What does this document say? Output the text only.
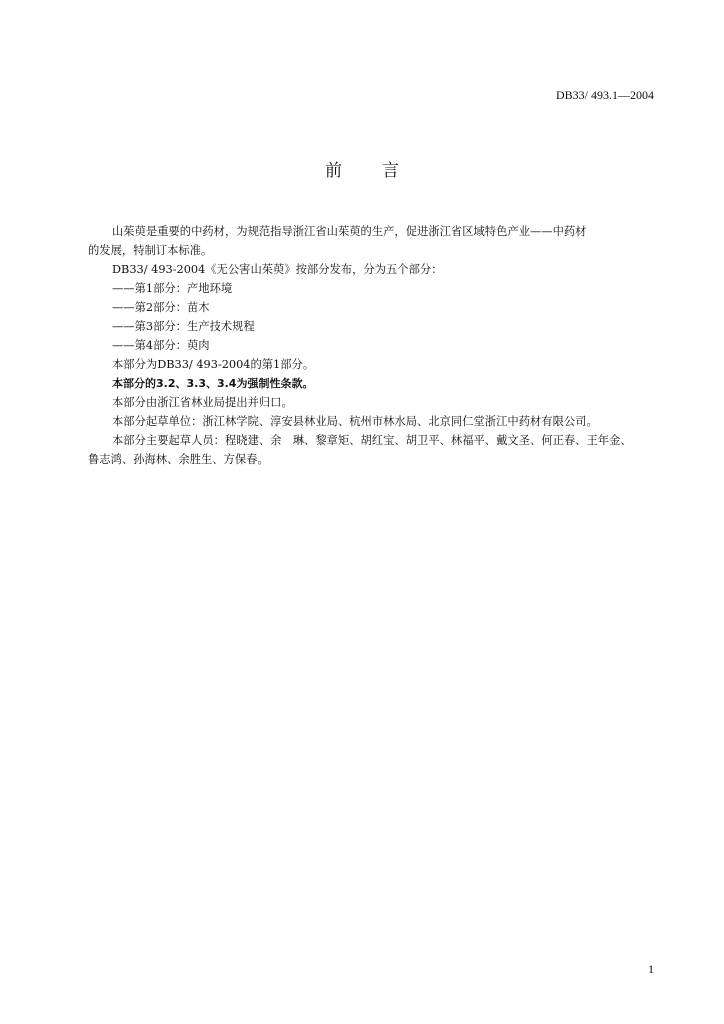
DB33/ 493.1—2004
前 言

山茱萸是重要的中药材，为规范指导浙江省山茱萸的生产，促进浙江省区域特色产业——中药材

的发展，特制订本标准。

DB33/ 493-2004《无公害山茱萸》按部分发布，分为五个部分：

——第1部分：产地环境

——第2部分：苗木

——第3部分：生产技术规程

——第4部分：萸肉

本部分为DB33/ 493-2004的第1部分。

本部分的3.2、3.3、3.4为强制性条款。

本部分由浙江省林业局提出并归口。

本部分起草单位：浙江林学院、淳安县林业局、杭州市林水局、北京同仁堂浙江中药材有限公司。

本部分主要起草人员：程晓建、余　琳、黎章矩、胡红宝、胡卫平、林福平、戴文圣、何正春、王年金、

鲁志鸿、孙海林、余胜生、方保春。

1
